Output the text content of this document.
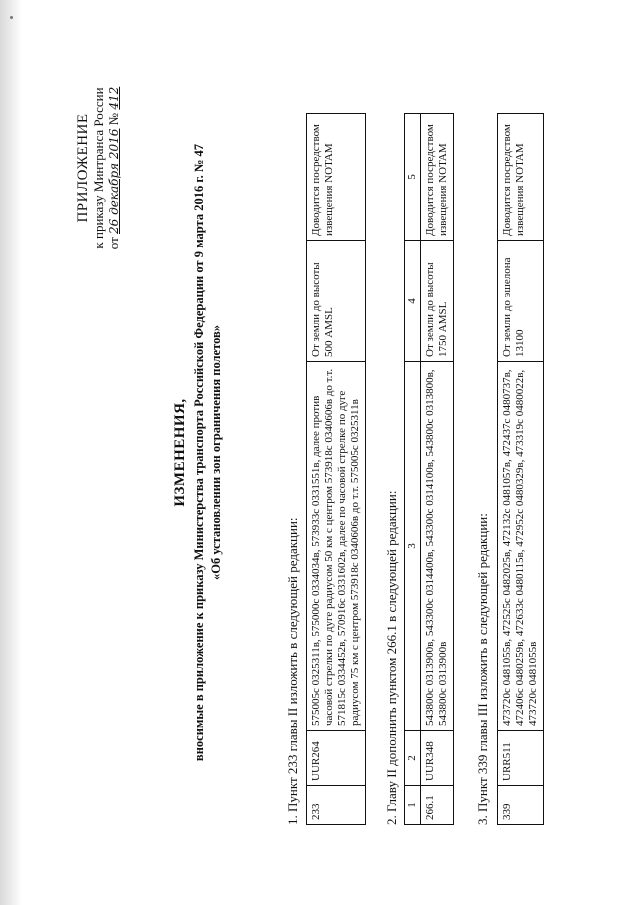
ПРИЛОЖЕНИЕ к приказу Минтранса России от 26 декабря 2016 № 412
ИЗМЕНЕНИЯ, вносимые в приложение к приказу Министерства транспорта Российской Федерации от 9 марта 2016 г. № 47 «Об установлении зон ограничения полетов»
1. Пункт 233 главы II изложить в следующей редакции: 233	UUR264	575005с 0325311в, 575000с 0334034в, 573933с 0331551в, далее против часовой стрелки по дуге радиусом 50 км с центром 573918с 0340606в до т.т. 571815с 0334452в, 570916с 0331602в, далее по часовой стрелке по дуге радиусом 75 км с центром 573918с 0340606в до т.т. 575005с 0325311в	От земли до высоты 500 AMSL	Доводится посредством извещения NOTAM
2. Главу II дополнить пунктом 266.1 в следующей редакции: 1	2	3	4	5
266.1	UUR348	543800с 0313900в, 543300с 0314400в, 543300с 0314100в, 543800с 0313800в, 543800с 0313900в	От земли до высоты 1750 AMSL	Доводится посредством извещения NOTAM
3. Пункт 339 главы III изложить в следующей редакции: 339	URR511	473720с 0481055в, 472525с 0482025в, 472132с 0481057в, 472437с 0480737в, 472406с 0480259в, 472633с 0480115в, 472952с 0480329в, 473319с 0480022в, 473720с 0481055в	От земли до эшелона 13100	Доводится посредством извещения NOTAM
